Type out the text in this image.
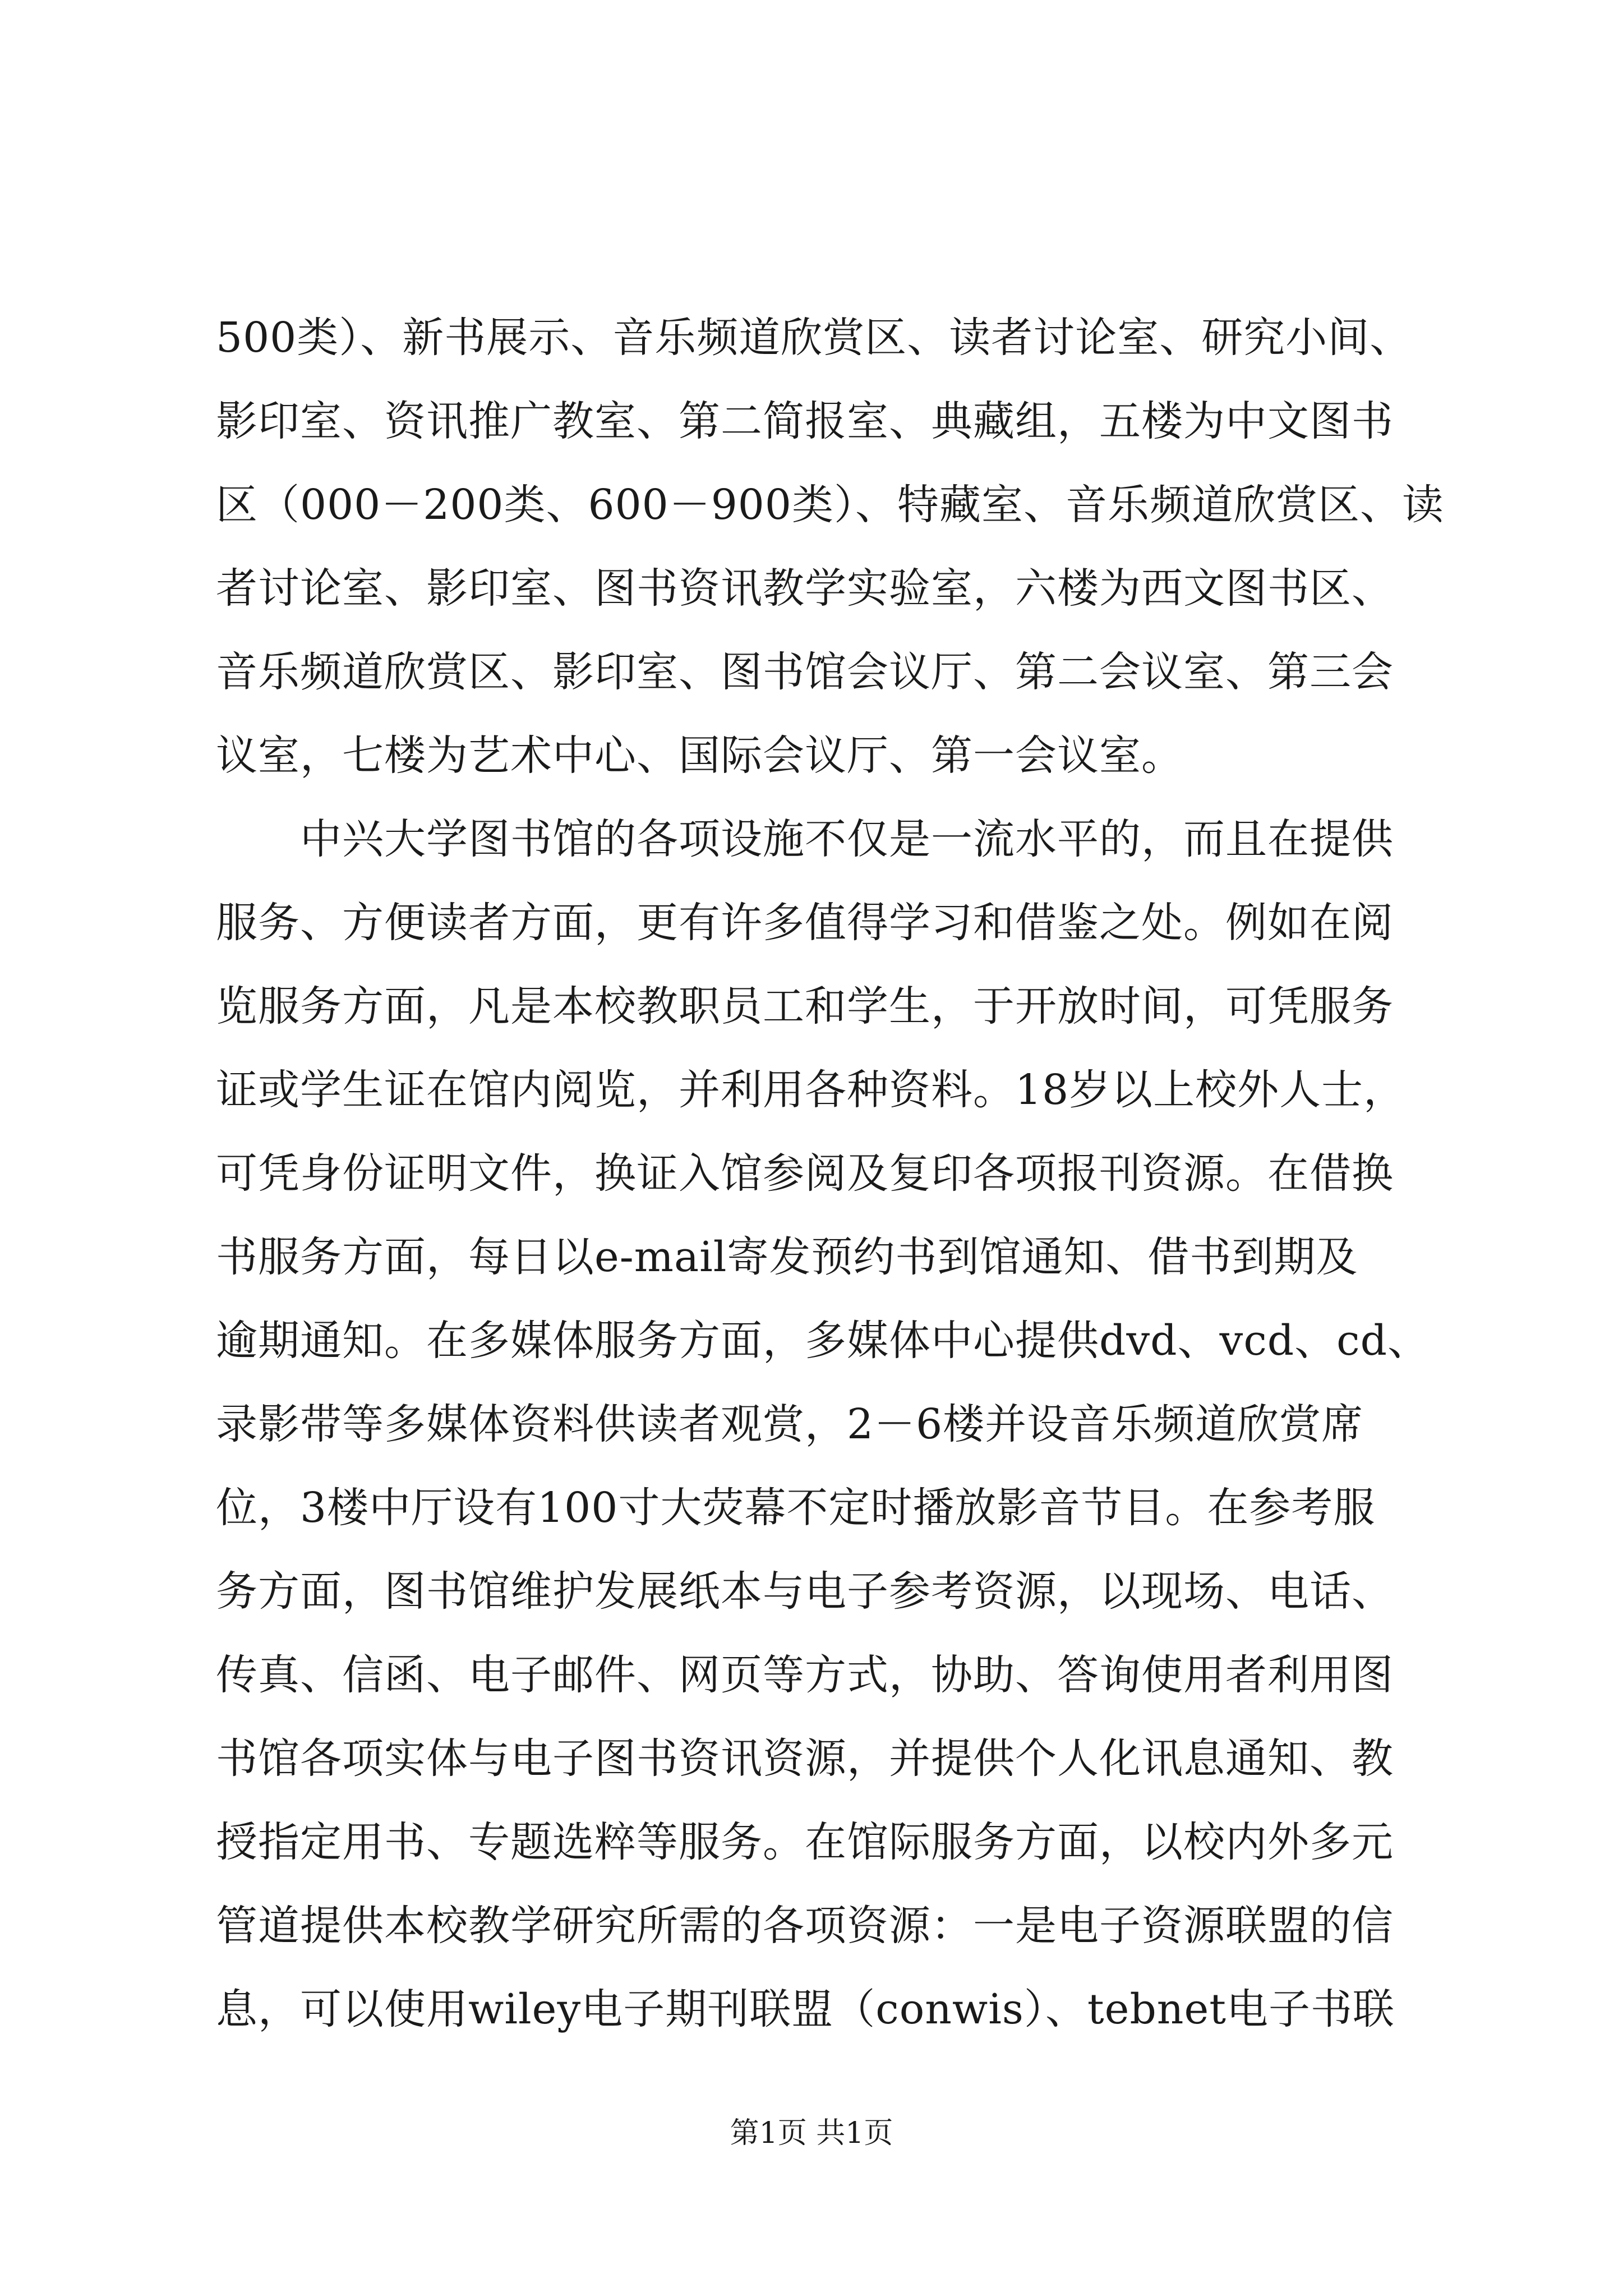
500类）、新书展示、音乐频道欣赏区、读者讨论室、研究小间、
影印室、资讯推广教室、第二简报室、典藏组，五楼为中文图书
区（000－200类、600－900类）、特藏室、音乐频道欣赏区、读
者讨论室、影印室、图书资讯教学实验室，六楼为西文图书区、
音乐频道欣赏区、影印室、图书馆会议厅、第二会议室、第三会
议室，七楼为艺术中心、国际会议厅、第一会议室。
中兴大学图书馆的各项设施不仅是一流水平的，而且在提供
服务、方便读者方面，更有许多值得学习和借鉴之处。例如在阅
览服务方面，凡是本校教职员工和学生，于开放时间，可凭服务
证或学生证在馆内阅览，并利用各种资料。18岁以上校外人士，
可凭身份证明文件，换证入馆参阅及复印各项报刊资源。在借换
书服务方面，每日以e-mail寄发预约书到馆通知、借书到期及
逾期通知。在多媒体服务方面，多媒体中心提供dvd、vcd、cd、
录影带等多媒体资料供读者观赏，2－6楼并设音乐频道欣赏席
位，3楼中厅设有100寸大荧幕不定时播放影音节目。在参考服
务方面，图书馆维护发展纸本与电子参考资源，以现场、电话、
传真、信函、电子邮件、网页等方式，协助、答询使用者利用图
书馆各项实体与电子图书资讯资源，并提供个人化讯息通知、教
授指定用书、专题选粹等服务。在馆际服务方面，以校内外多元
管道提供本校教学研究所需的各项资源：一是电子资源联盟的信
息，可以使用wiley电子期刊联盟（conwis）、tebnet电子书联
第1页 共1页
